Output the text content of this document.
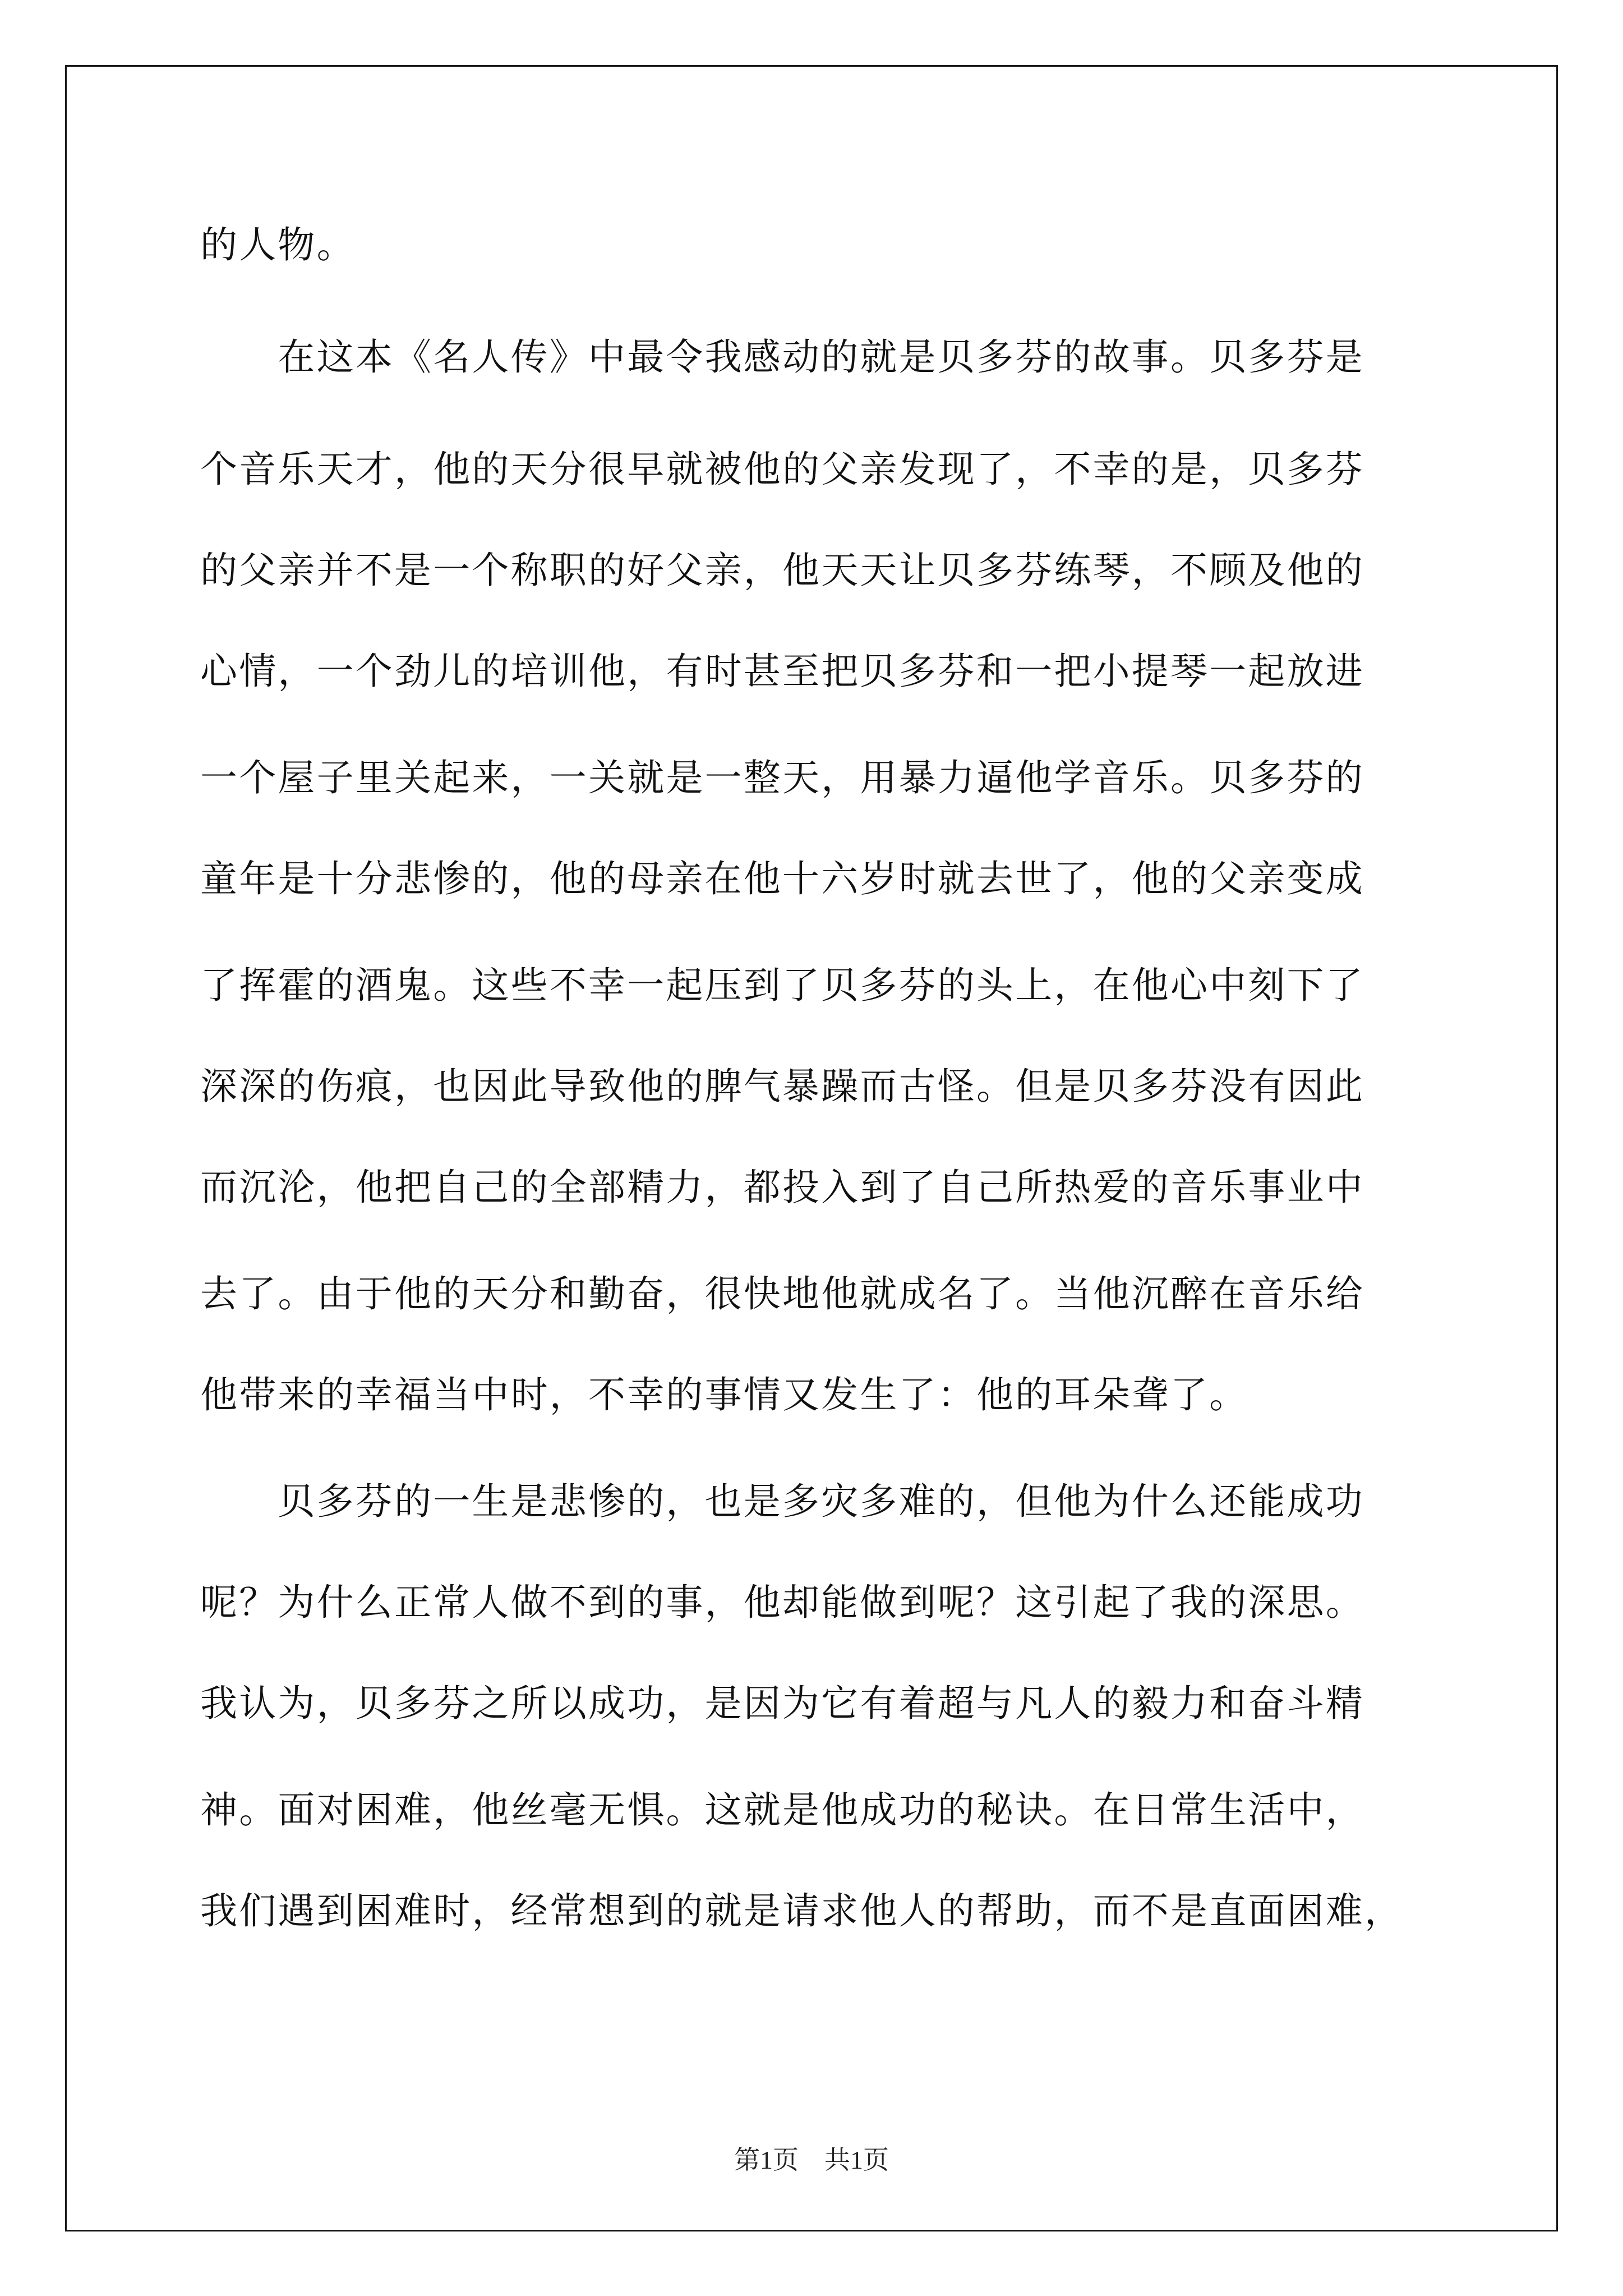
的人物。
　　在这本《名人传》中最令我感动的就是贝多芬的故事。贝多芬是
个音乐天才，他的天分很早就被他的父亲发现了，不幸的是，贝多芬
的父亲并不是一个称职的好父亲，他天天让贝多芬练琴，不顾及他的
心情，一个劲儿的培训他，有时甚至把贝多芬和一把小提琴一起放进
一个屋子里关起来，一关就是一整天，用暴力逼他学音乐。贝多芬的
童年是十分悲惨的，他的母亲在他十六岁时就去世了，他的父亲变成
了挥霍的酒鬼。这些不幸一起压到了贝多芬的头上，在他心中刻下了
深深的伤痕，也因此导致他的脾气暴躁而古怪。但是贝多芬没有因此
而沉沦，他把自己的全部精力，都投入到了自己所热爱的音乐事业中
去了。由于他的天分和勤奋，很快地他就成名了。当他沉醉在音乐给
他带来的幸福当中时，不幸的事情又发生了：他的耳朵聋了。
　　贝多芬的一生是悲惨的，也是多灾多难的，但他为什么还能成功
呢？为什么正常人做不到的事，他却能做到呢？这引起了我的深思。
我认为，贝多芬之所以成功，是因为它有着超与凡人的毅力和奋斗精
神。面对困难，他丝毫无惧。这就是他成功的秘诀。在日常生活中，
我们遇到困难时，经常想到的就是请求他人的帮助，而不是直面困难，
第1页　共1页
